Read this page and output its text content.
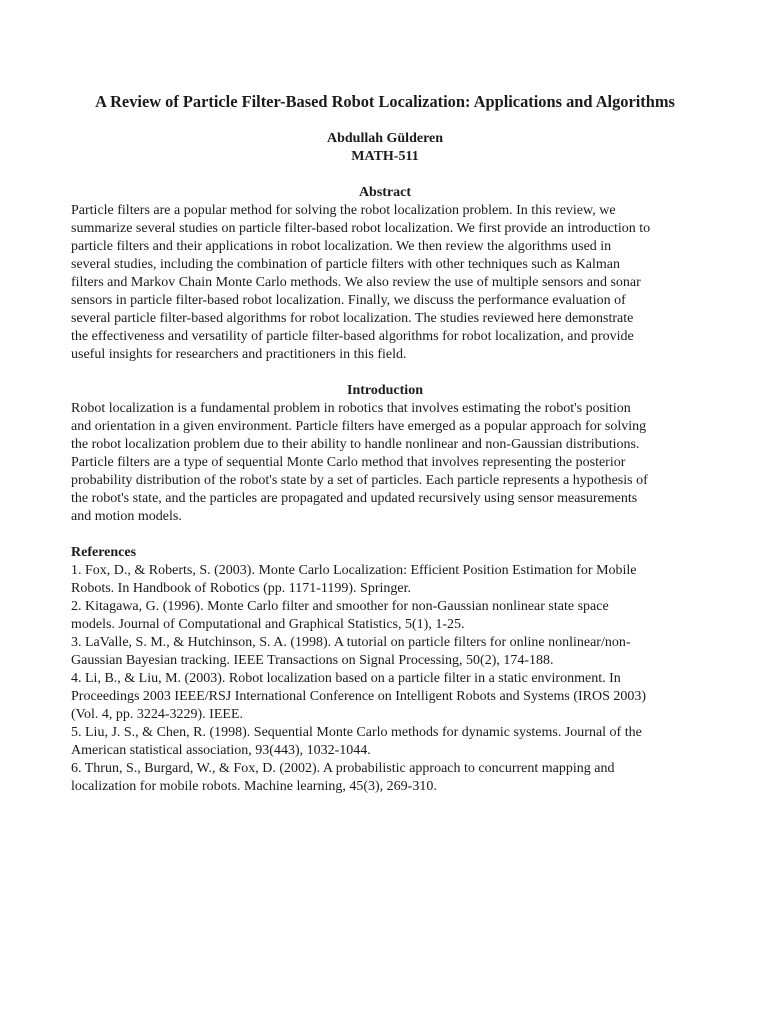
A Review of Particle Filter-Based Robot Localization: Applications and Algorithms
Abdullah Gülderen
MATH-511
Abstract

Particle filters are a popular method for solving the robot localization problem. In this review, we
summarize several studies on particle filter-based robot localization. We first provide an introduction to
particle filters and their applications in robot localization. We then review the algorithms used in
several studies, including the combination of particle filters with other techniques such as Kalman
filters and Markov Chain Monte Carlo methods. We also review the use of multiple sensors and sonar
sensors in particle filter-based robot localization. Finally, we discuss the performance evaluation of
several particle filter-based algorithms for robot localization. The studies reviewed here demonstrate
the effectiveness and versatility of particle filter-based algorithms for robot localization, and provide
useful insights for researchers and practitioners in this field.

Introduction

Robot localization is a fundamental problem in robotics that involves estimating the robot's position
and orientation in a given environment. Particle filters have emerged as a popular approach for solving
the robot localization problem due to their ability to handle nonlinear and non-Gaussian distributions.
Particle filters are a type of sequential Monte Carlo method that involves representing the posterior
probability distribution of the robot's state by a set of particles. Each particle represents a hypothesis of
the robot's state, and the particles are propagated and updated recursively using sensor measurements
and motion models.

References
1. Fox, D., & Roberts, S. (2003). Monte Carlo Localization: Efficient Position Estimation for Mobile
Robots. In Handbook of Robotics (pp. 1171-1199). Springer.
2. Kitagawa, G. (1996). Monte Carlo filter and smoother for non-Gaussian nonlinear state space
models. Journal of Computational and Graphical Statistics, 5(1), 1-25.
3. LaValle, S. M., & Hutchinson, S. A. (1998). A tutorial on particle filters for online nonlinear/non-
Gaussian Bayesian tracking. IEEE Transactions on Signal Processing, 50(2), 174-188.
4. Li, B., & Liu, M. (2003). Robot localization based on a particle filter in a static environment. In
Proceedings 2003 IEEE/RSJ International Conference on Intelligent Robots and Systems (IROS 2003)
(Vol. 4, pp. 3224-3229). IEEE.
5. Liu, J. S., & Chen, R. (1998). Sequential Monte Carlo methods for dynamic systems. Journal of the
American statistical association, 93(443), 1032-1044.
6. Thrun, S., Burgard, W., & Fox, D. (2002). A probabilistic approach to concurrent mapping and
localization for mobile robots. Machine learning, 45(3), 269-310.
